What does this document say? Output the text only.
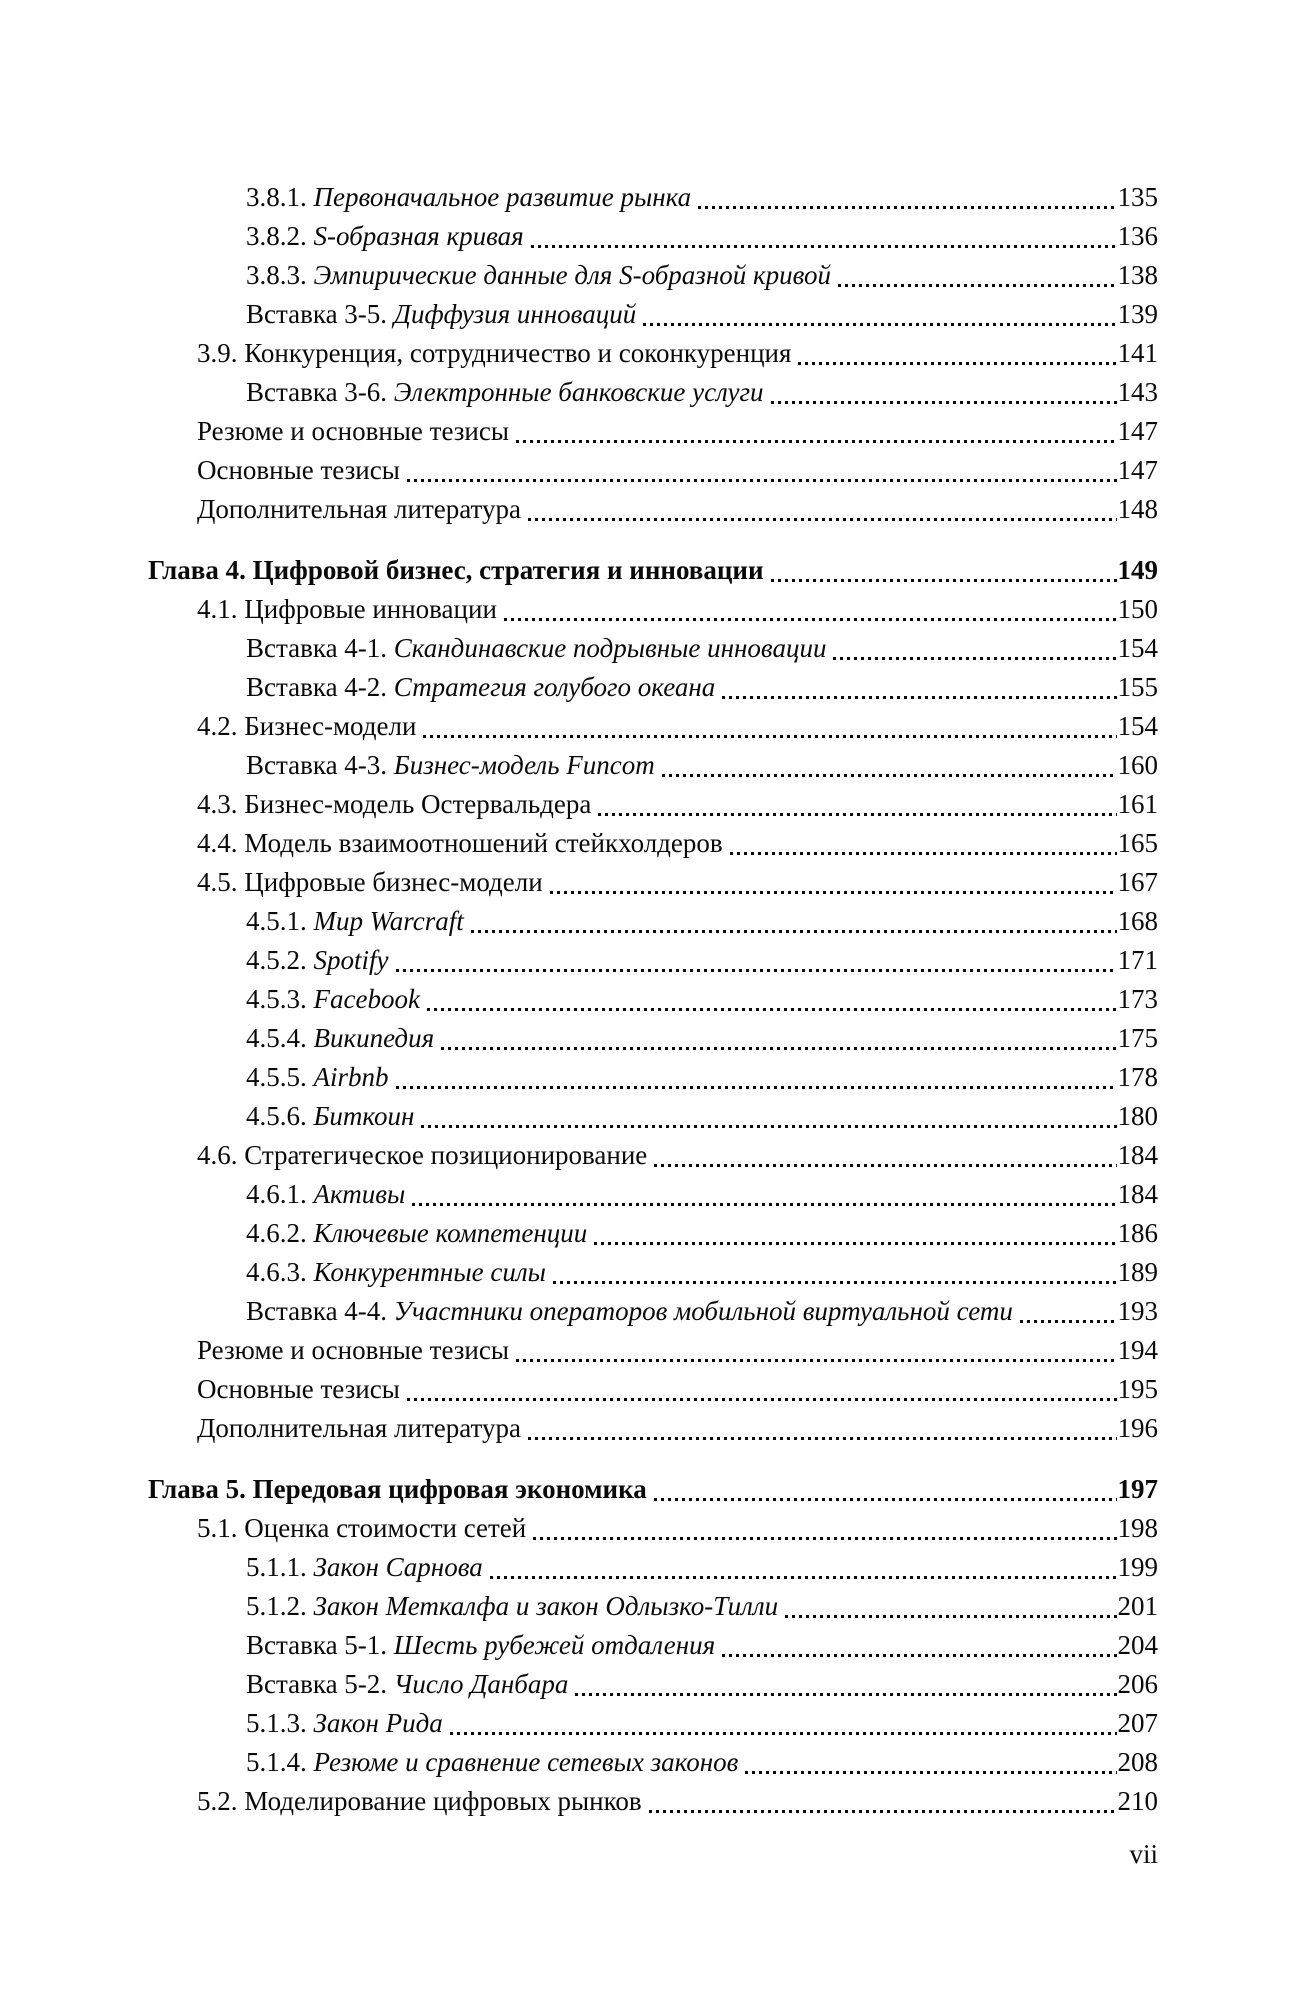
3.8.1. Первоначальное развитие рынка	135
3.8.2. S-образная кривая	136
3.8.3. Эмпирические данные для S-образной кривой	138
Вставка 3-5. Диффузия инноваций	139
3.9. Конкуренция, сотрудничество и соконкуренция	141
Вставка 3-6. Электронные банковские услуги	143
Резюме и основные тезисы	147
Основные тезисы	147
Дополнительная литература	148
Глава 4. Цифровой бизнес, стратегия и инновации	149
4.1. Цифровые инновации	150
Вставка 4-1. Скандинавские подрывные инновации	154
Вставка 4-2. Стратегия голубого океана	155
4.2. Бизнес-модели	154
Вставка 4-3. Бизнес-модель Funcom	160
4.3. Бизнес-модель Остервальдера	161
4.4. Модель взаимоотношений стейкхолдеров	165
4.5. Цифровые бизнес-модели	167
4.5.1. Мир Warcraft	168
4.5.2. Spotify	171
4.5.3. Facebook	173
4.5.4. Википедия	175
4.5.5. Airbnb	178
4.5.6. Биткоин	180
4.6. Стратегическое позиционирование	184
4.6.1. Активы	184
4.6.2. Ключевые компетенции	186
4.6.3. Конкурентные силы	189
Вставка 4-4. Участники операторов мобильной виртуальной сети	193
Резюме и основные тезисы	194
Основные тезисы	195
Дополнительная литература	196
Глава 5. Передовая цифровая экономика	197
5.1. Оценка стоимости сетей	198
5.1.1. Закон Сарнова	199
5.1.2. Закон Меткалфа и закон Одлызко-Тилли	201
Вставка 5-1. Шесть рубежей отдаления	204
Вставка 5-2. Число Данбара	206
5.1.3. Закон Рида	207
5.1.4. Резюме и сравнение сетевых законов	208
5.2. Моделирование цифровых рынков	210
vii
